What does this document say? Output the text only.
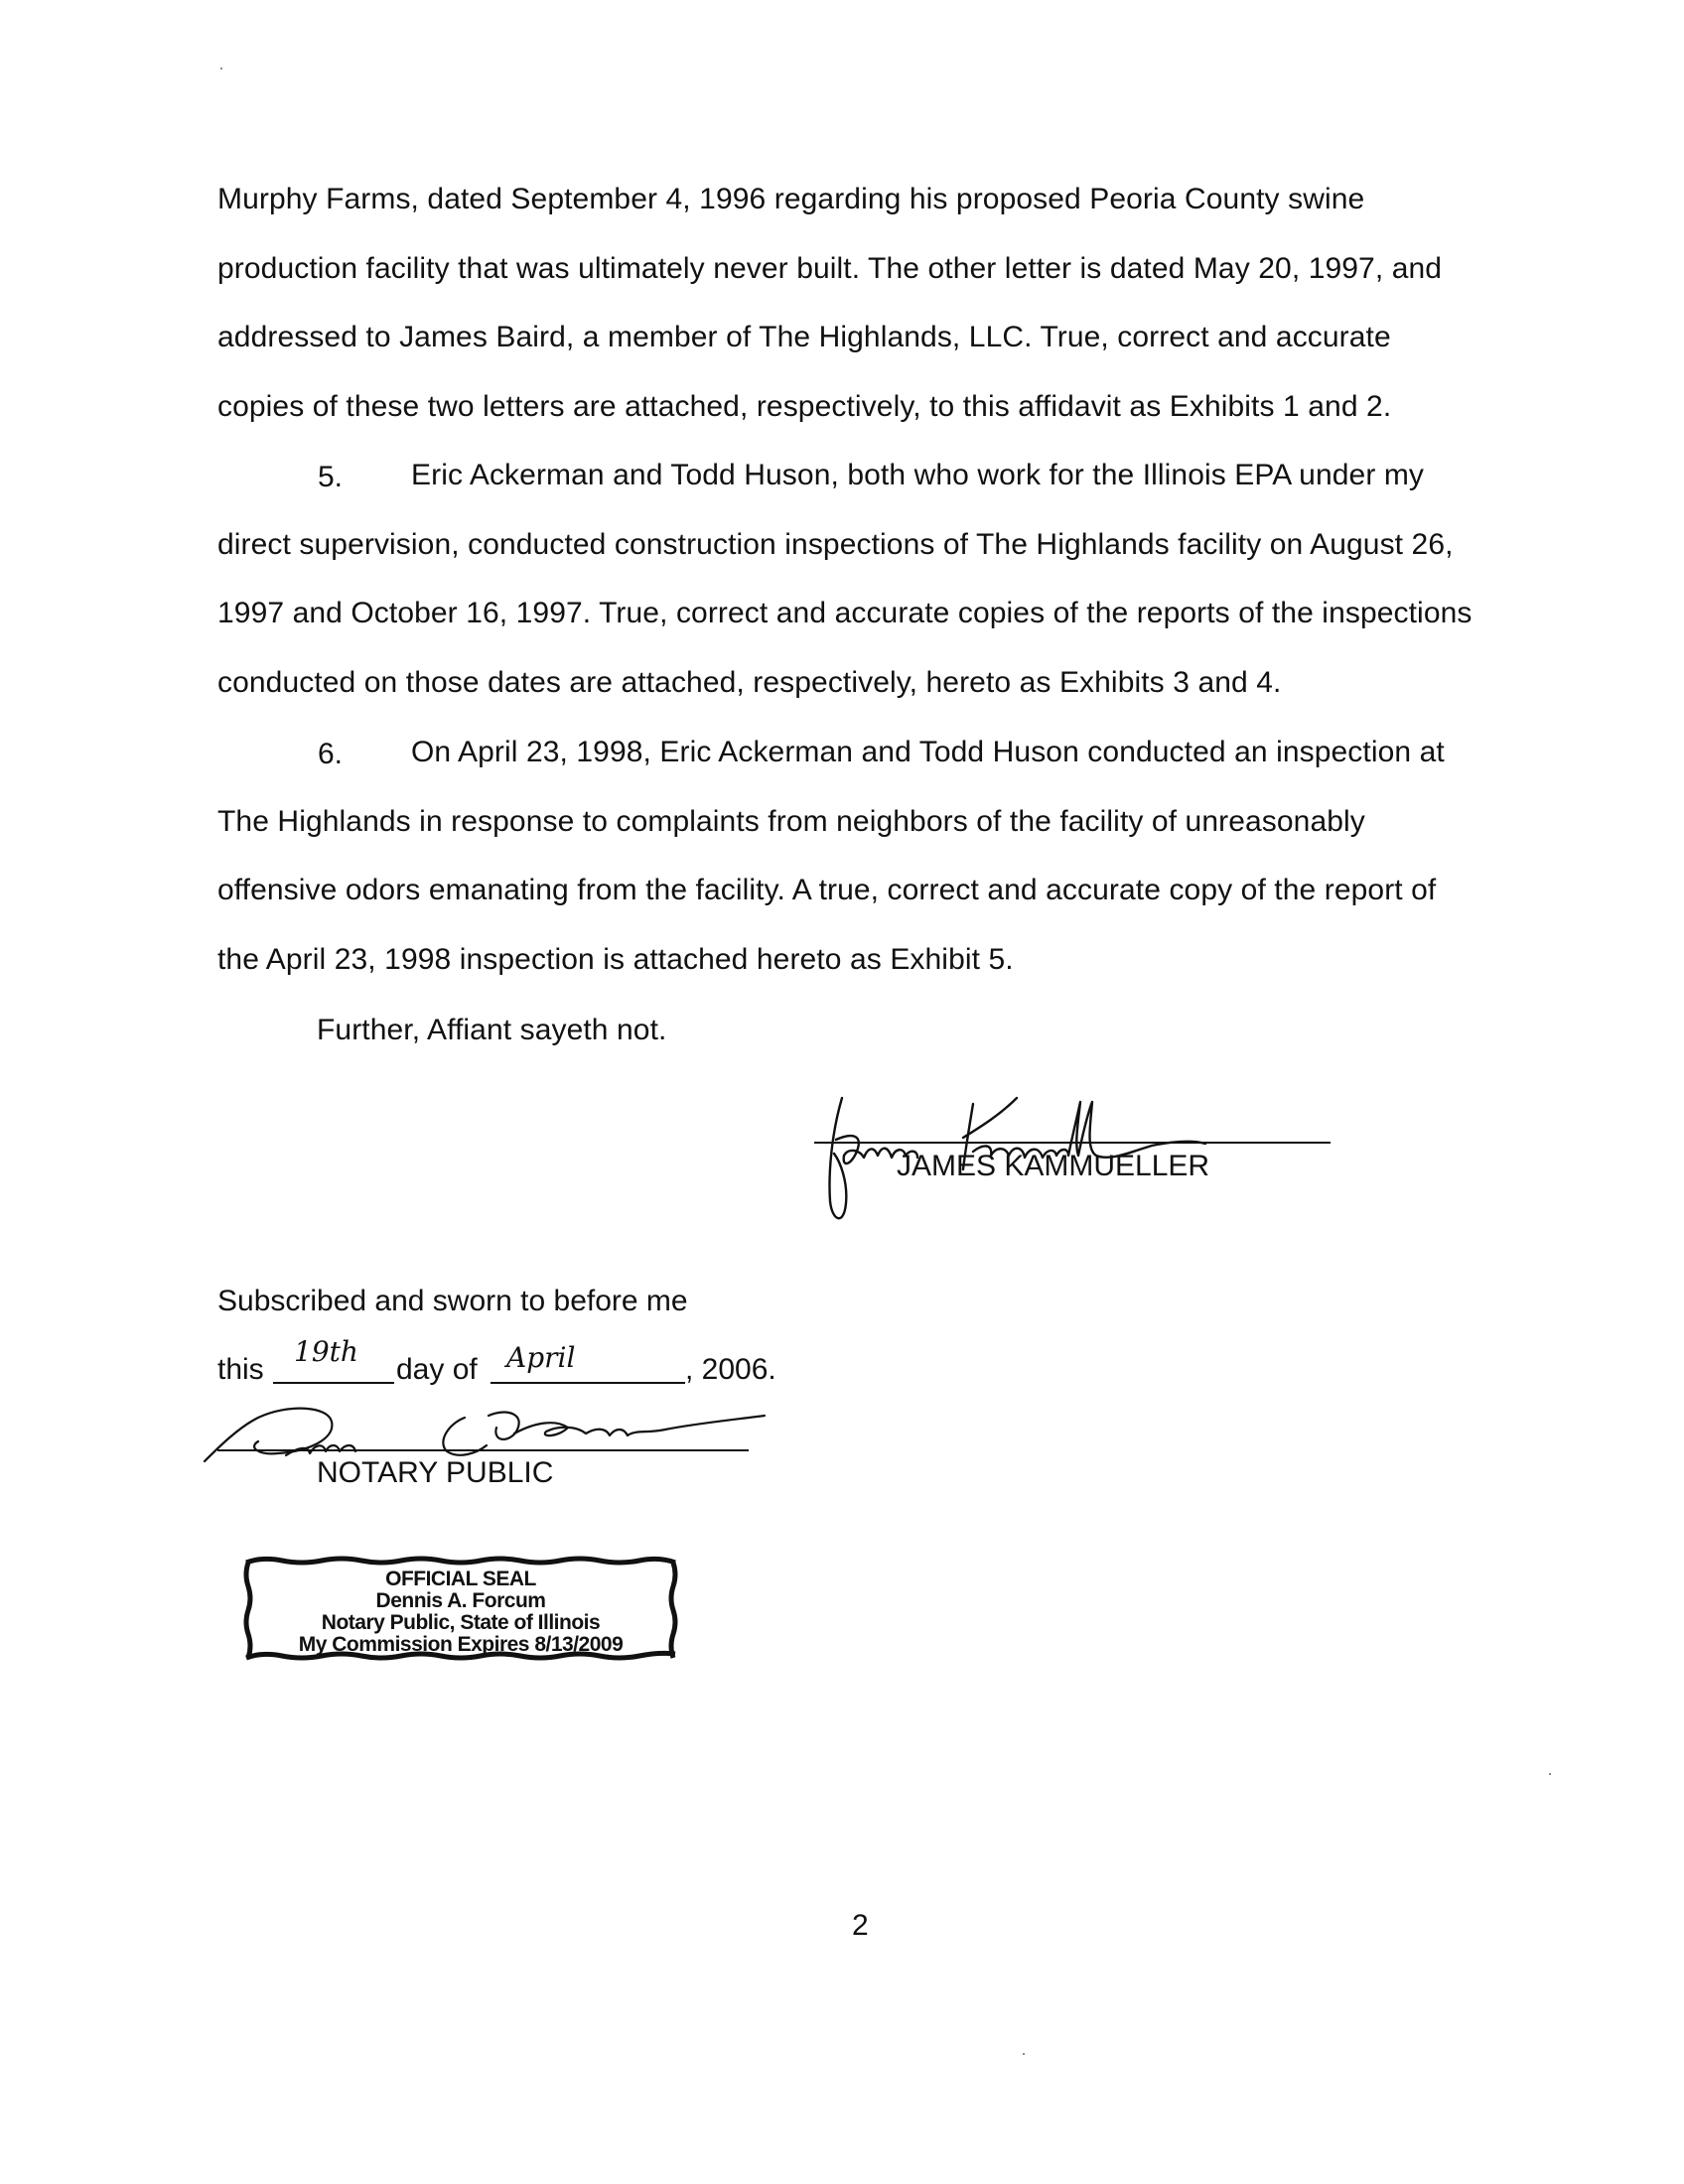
Murphy Farms, dated September 4, 1996 regarding his proposed Peoria County swine
production facility that was ultimately never built. The other letter is dated May 20, 1997, and
addressed to James Baird, a member of The Highlands, LLC. True, correct and accurate
copies of these two letters are attached, respectively, to this affidavit as Exhibits 1 and 2.
5. Eric Ackerman and Todd Huson, both who work for the Illinois EPA under my
direct supervision, conducted construction inspections of The Highlands facility on August 26,
1997 and October 16, 1997. True, correct and accurate copies of the reports of the inspections
conducted on those dates are attached, respectively, hereto as Exhibits 3 and 4.
6. On April 23, 1998, Eric Ackerman and Todd Huson conducted an inspection at
The Highlands in response to complaints from neighbors of the facility of unreasonably
offensive odors emanating from the facility. A true, correct and accurate copy of the report of
the April 23, 1998 inspection is attached hereto as Exhibit 5.
Further, Affiant sayeth not.
JAMES KAMMUELLER
Subscribed and sworn to before me
this
19th
day of April	, 2006.
NOTARY PUBLIC
OFFICIAL SEAL
Dennis A. Forcum
Notary Public, State of Illinois
My Commission Expires 8/13/2009
2
